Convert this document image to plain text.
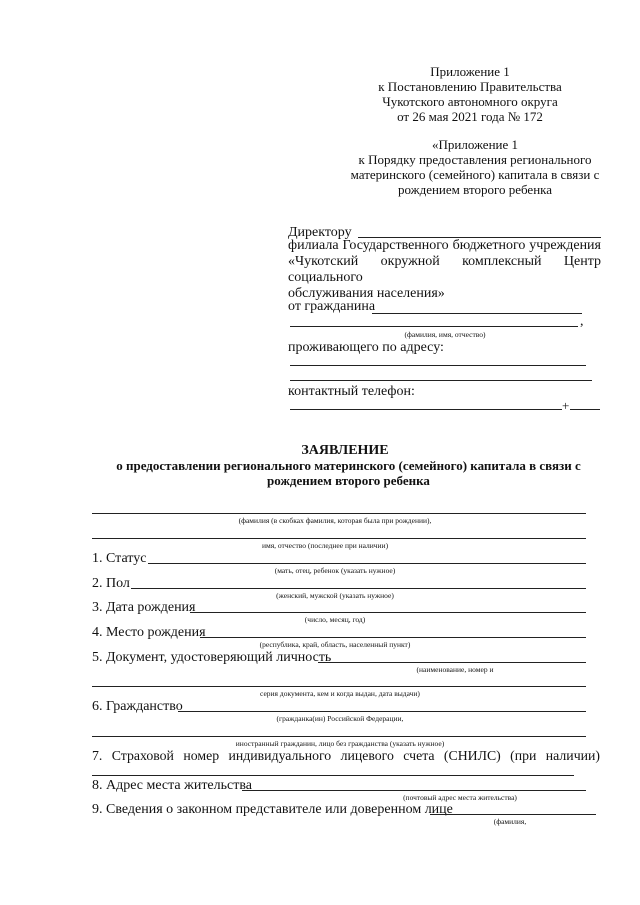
Приложение 1
к Постановлению Правительства
Чукотского автономного округа
от 26 мая 2021 года № 172
«Приложение 1
к Порядку предоставления регионального
материнского (семейного) капитала в связи с
рождением второго ребенка
Директору
филиала Государственного бюджетного учреждения
«Чукотский окружной комплексный Центр социального
обслуживания населения»
от гражданина
,
(фамилия, имя, отчество)
проживающего по адресу:
контактный телефон:
+
ЗАЯВЛЕНИЕ
о предоставлении регионального материнского (семейного) капитала в связи с
рождением второго ребенка
(фамилия (в скобках фамилия, которая была при рождении),
имя, отчество (последнее при наличии)
1. Статус
(мать, отец, ребенок (указать нужное)
2. Пол
(женский, мужской (указать нужное)
3. Дата рождения
(число, месяц, год)
4. Место рождения
(республика, край, область, населенный пункт)
5. Документ, удостоверяющий личность
(наименование, номер и
серия документа, кем и когда выдан, дата выдачи)
6. Гражданство
(гражданка(ин) Российской Федерации,
иностранный гражданин, лицо без гражданства (указать нужное)
7. Страховой номер индивидуального лицевого счета (СНИЛС) (при наличии)
8. Адрес места жительства
(почтовый адрес места жительства)
9. Сведения о законном представителе или доверенном лице
(фамилия,
